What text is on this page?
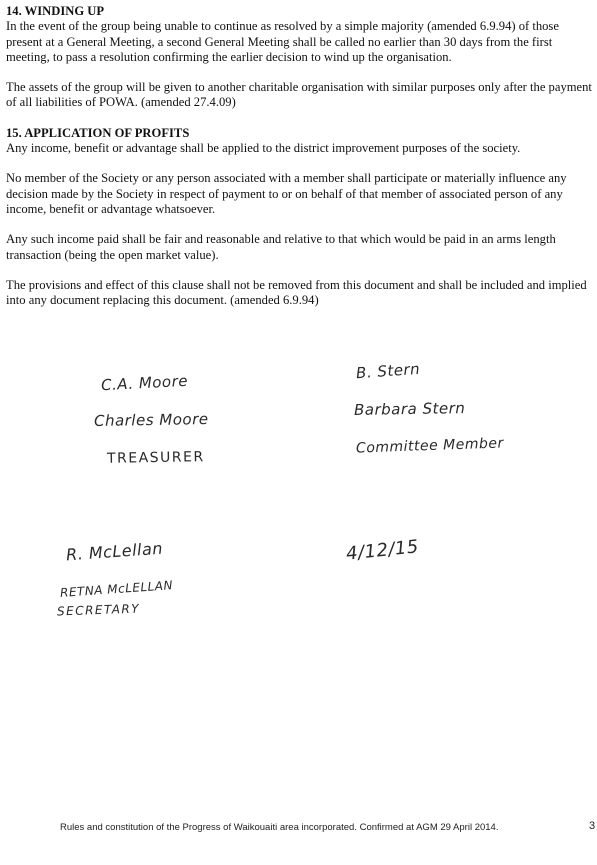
14. WINDING UP

In the event of the group being unable to continue as resolved by a simple majority (amended 6.9.94) of those present at a General Meeting, a second General Meeting shall be called no earlier than 30 days from the first meeting, to pass a resolution confirming the earlier decision to wind up the organisation.

The assets of the group will be given to another charitable organisation with similar purposes only after the payment of all liabilities of POWA. (amended 27.4.09)

15. APPLICATION OF PROFITS

Any income, benefit or advantage shall be applied to the district improvement purposes of the society.

No member of the Society or any person associated with a member shall participate or materially influence any decision made by the Society in respect of payment to or on behalf of that member of associated person of any income, benefit or advantage whatsoever.

Any such income paid shall be fair and reasonable and relative to that which would be paid in an arms length transaction (being the open market value).

The provisions and effect of this clause shall not be removed from this document and shall be included and implied into any document replacing this document. (amended 6.9.94)

C.A. Moore
Charles Moore
TREASURER
B. Stern
Barbara Stern
Committee Member
R. McLellan
RETNA McLELLAN
SECRETARY
4/12/15
Rules and constitution of the Progress of Waikouaiti area incorporated. Confirmed at AGM 29 April 2014.	3
